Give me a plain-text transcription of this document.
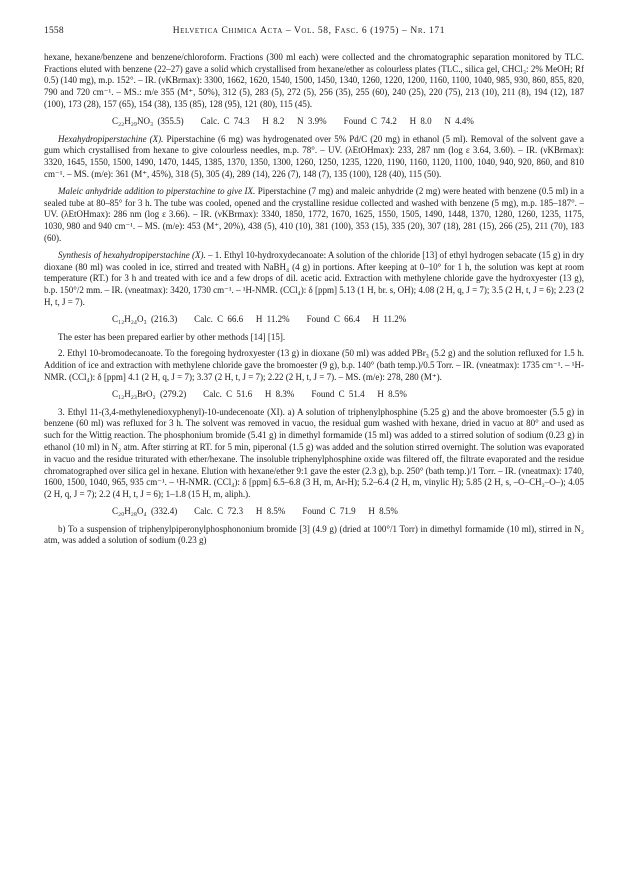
1558	Helvetica Chimica Acta – Vol. 58, Fasc. 6 (1975) – Nr. 171

hexane, hexane/benzene and benzene/chloroform. Fractions (300 ml each) were collected and the chromatographic separation monitored by TLC. Fractions eluted with benzene (22–27) gave a solid which crystallised from hexane/ether as colourless plates (TLC., silica gel, CHCl₃: 2% MeOH; Rf 0.5) (140 mg), m.p. 152°. – IR. (νKBrmax): 3300, 1662, 1620, 1540, 1500, 1450, 1340, 1260, 1220, 1200, 1160, 1100, 1040, 985, 930, 860, 855, 820, 790 and 720 cm⁻¹. – MS.: m/e 355 (M⁺, 50%), 312 (5), 283 (5), 272 (5), 256 (35), 255 (60), 240 (25), 220 (75), 213 (10), 211 (8), 194 (12), 187 (100), 173 (28), 157 (65), 154 (38), 135 (85), 128 (95), 121 (80), 115 (45).

C₂₂H₂₉NO₃ (355.5)    Calc. C 74.3   H 8.2   N 3.9%    Found C 74.2   H 8.0   N 4.4%

Hexahydropiperstachine (X). Piperstachine (6 mg) was hydrogenated over 5% Pd/C (20 mg) in ethanol (5 ml). Removal of the solvent gave a gum which crystallised from hexane to give colourless needles, m.p. 78°. – UV. (λEtOHmax): 233, 287 nm (log ε 3.64, 3.60). – IR. (νKBrmax): 3320, 1645, 1550, 1500, 1490, 1470, 1445, 1385, 1370, 1350, 1300, 1260, 1250, 1235, 1220, 1190, 1160, 1120, 1100, 1040, 940, 920, 860, and 810 cm⁻¹. – MS. (m/e): 361 (M⁺, 45%), 318 (5), 305 (4), 289 (14), 226 (7), 148 (7), 135 (100), 128 (40), 115 (50).

Maleic anhydride addition to piperstachine to give IX. Piperstachine (7 mg) and maleic anhydride (2 mg) were heated with benzene (0.5 ml) in a sealed tube at 80–85° for 3 h. The tube was cooled, opened and the crystalline residue collected and washed with benzene (5 mg), m.p. 185–187°. – UV. (λEtOHmax): 286 nm (log ε 3.66). – IR. (νKBrmax): 3340, 1850, 1772, 1670, 1625, 1550, 1505, 1490, 1448, 1370, 1280, 1260, 1235, 1175, 1030, 980 and 940 cm⁻¹. – MS. (m/e): 453 (M⁺, 20%), 438 (5), 410 (10), 381 (100), 353 (15), 335 (20), 307 (18), 281 (15), 266 (25), 211 (70), 183 (60).

Synthesis of hexahydropiperstachine (X). – 1. Ethyl 10-hydroxydecanoate: A solution of the chloride [13] of ethyl hydrogen sebacate (15 g) in dry dioxane (80 ml) was cooled in ice, stirred and treated with NaBH₄ (4 g) in portions. After keeping at 0–10° for 1 h, the solution was kept at room temperature (RT.) for 3 h and treated with ice and a few drops of dil. acetic acid. Extraction with methylene chloride gave the hydroxyester (13 g), b.p. 150°/2 mm. – IR. (νneatmax): 3420, 1730 cm⁻¹. – ¹H-NMR. (CCl₄): δ [ppm] 5.13 (1 H, br. s, OH); 4.08 (2 H, q, J = 7); 3.5 (2 H, t, J = 6); 2.23 (2 H, t, J = 7).

C₁₂H₂₄O₃ (216.3)    Calc. C 66.6   H 11.2%    Found C 66.4   H 11.2%

The ester has been prepared earlier by other methods [14] [15].

2. Ethyl 10-bromodecanoate. To the foregoing hydroxyester (13 g) in dioxane (50 ml) was added PBr₃ (5.2 g) and the solution refluxed for 1.5 h. Addition of ice and extraction with methylene chloride gave the bromoester (9 g), b.p. 140° (bath temp.)/0.5 Torr. – IR. (νneatmax): 1735 cm⁻¹. – ¹H-NMR. (CCl₄): δ [ppm] 4.1 (2 H, q, J = 7); 3.37 (2 H, t, J = 7); 2.22 (2 H, t, J = 7). – MS. (m/e): 278, 280 (M⁺).

C₁₂H₂₃BrO₂ (279.2)    Calc. C 51.6   H 8.3%    Found C 51.4   H 8.5%

3. Ethyl 11-(3,4-methylenedioxyphenyl)-10-undecenoate (XI). a) A solution of triphenylphosphine (5.25 g) and the above bromoester (5.5 g) in benzene (60 ml) was refluxed for 3 h. The solvent was removed in vacuo, the residual gum washed with hexane, dried in vacuo at 80° and used as such for the Wittig reaction. The phosphonium bromide (5.41 g) in dimethyl formamide (15 ml) was added to a stirred solution of sodium (0.23 g) in ethanol (10 ml) in N₂ atm. After stirring at RT. for 5 min, piperonal (1.5 g) was added and the solution stirred overnight. The solution was evaporated in vacuo and the residue triturated with ether/hexane. The insoluble triphenylphosphine oxide was filtered off, the filtrate evaporated and the residue chromatographed over silica gel in hexane. Elution with hexane/ether 9:1 gave the ester (2.3 g), b.p. 250° (bath temp.)/1 Torr. – IR. (νneatmax): 1740, 1600, 1500, 1040, 965, 935 cm⁻¹. – ¹H-NMR. (CCl₄): δ [ppm] 6.5–6.8 (3 H, m, Ar-H); 5.2–6.4 (2 H, m, vinylic H); 5.85 (2 H, s, –O–CH₂–O–); 4.05 (2 H, q, J = 7); 2.2 (4 H, t, J = 6); 1–1.8 (15 H, m, aliph.).

C₂₀H₂₈O₄ (332.4)    Calc. C 72.3   H 8.5%    Found C 71.9   H 8.5%

b) To a suspension of triphenylpiperonylphosphononium bromide [3] (4.9 g) (dried at 100°/1 Torr) in dimethyl formamide (10 ml), stirred in N₂ atm, was added a solution of sodium (0.23 g)
